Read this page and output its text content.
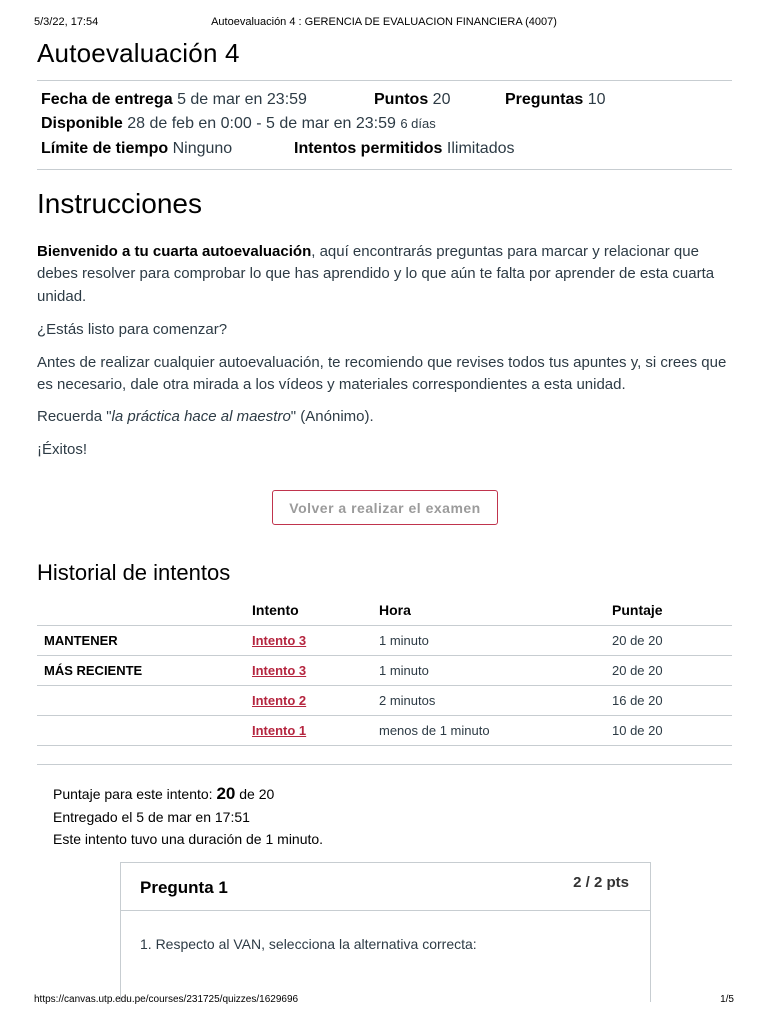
5/3/22, 17:54	Autoevaluación 4 : GERENCIA DE EVALUACION FINANCIERA (4007)
Autoevaluación 4
Fecha de entrega 5 de mar en 23:59	Puntos 20	Preguntas 10
Disponible 28 de feb en 0:00 - 5 de mar en 23:59 6 días
Límite de tiempo Ninguno	Intentos permitidos Ilimitados
Instrucciones

Bienvenido a tu cuarta autoevaluación, aquí encontrarás preguntas para marcar y relacionar que debes resolver para comprobar lo que has aprendido y lo que aún te falta por aprender de esta cuarta unidad.

¿Estás listo para comenzar?

Antes de realizar cualquier autoevaluación, te recomiendo que revises todos tus apuntes y, si crees que es necesario, dale otra mirada a los vídeos y materiales correspondientes a esta unidad.

Recuerda "la práctica hace al maestro" (Anónimo).

¡Éxitos!

Volver a realizar el examen
Historial de intentos
	Intento	Hora	Puntaje
MANTENER	Intento 3	1 minuto	20 de 20
MÁS RECIENTE	Intento 3	1 minuto	20 de 20
	Intento 2	2 minutos	16 de 20
	Intento 1	menos de 1 minuto	10 de 20
Puntaje para este intento: 20 de 20
Entregado el 5 de mar en 17:51
Este intento tuvo una duración de 1 minuto.
Pregunta 1	2 / 2 pts
1. Respecto al VAN, selecciona la alternativa correcta:
https://canvas.utp.edu.pe/courses/231725/quizzes/1629696	1/5
